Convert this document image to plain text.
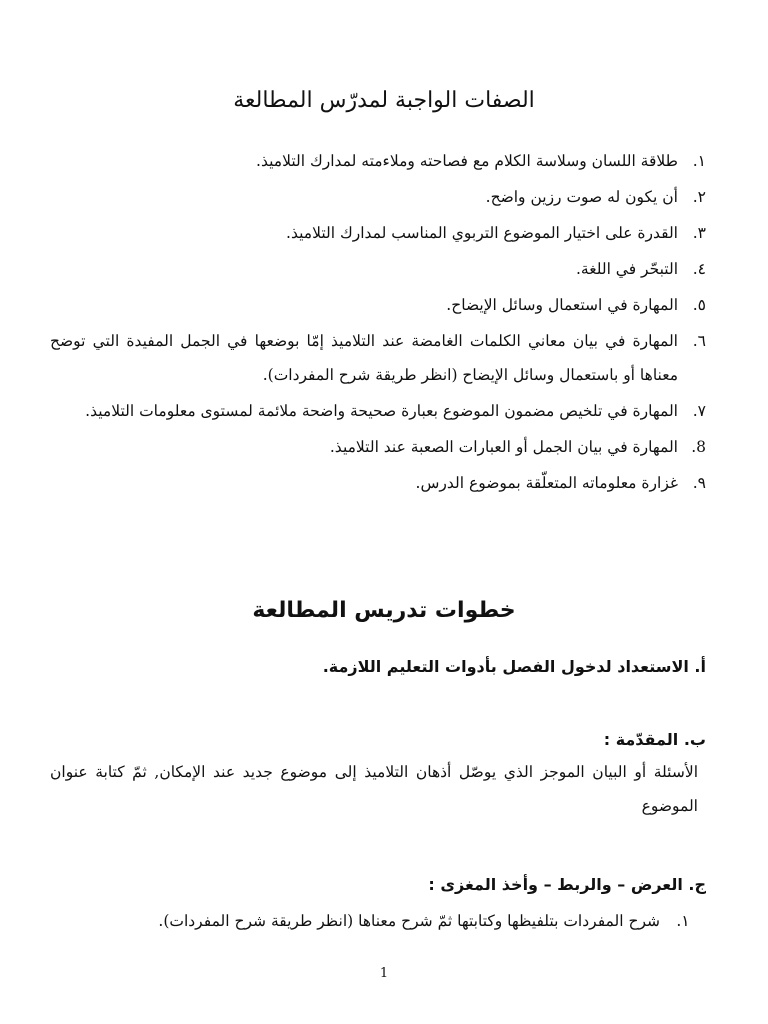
الصفات الواجبة لمدرّس المطالعة
١.
طلاقة اللسان وسلاسة الكلام مع فصاحته وملاءمته لمدارك التلاميذ.
٢.
أن يكون له صوت رزين واضح.
٣.
القدرة على اختيار الموضوع التربوي المناسب لمدارك التلاميذ.
٤.
التبحّر في اللغة.
٥.
المهارة في استعمال وسائل الإيضاح.
٦.
المهارة في بيان معاني الكلمات الغامضة عند التلاميذ إمّا بوضعها في الجمل المفيدة التي توضح معناها أو باستعمال وسائل الإيضاح (انظر طريقة شرح المفردات).
٧.
المهارة في تلخيص مضمون الموضوع بعبارة صحيحة واضحة ملائمة لمستوى معلومات التلاميذ.
8.
المهارة في بيان الجمل أو العبارات الصعبة عند التلاميذ.
٩.
غزارة معلوماته المتعلّقة بموضوع الدرس.
خطوات تدريس المطالعة
أ. الاستعداد لدخول الفصل بأدوات التعليم اللازمة.
ب. المقدّمة :
الأسئلة أو البيان الموجز الذي يوصّل أذهان التلاميذ إلى موضوع جديد عند الإمكان, ثمّ كتابة عنوان الموضوع
ج. العرض – والربط – وأخذ المغزى :
١.
شرح المفردات بتلفيظها وكتابتها ثمّ شرح معناها (انظر طريقة شرح المفردات).
1
